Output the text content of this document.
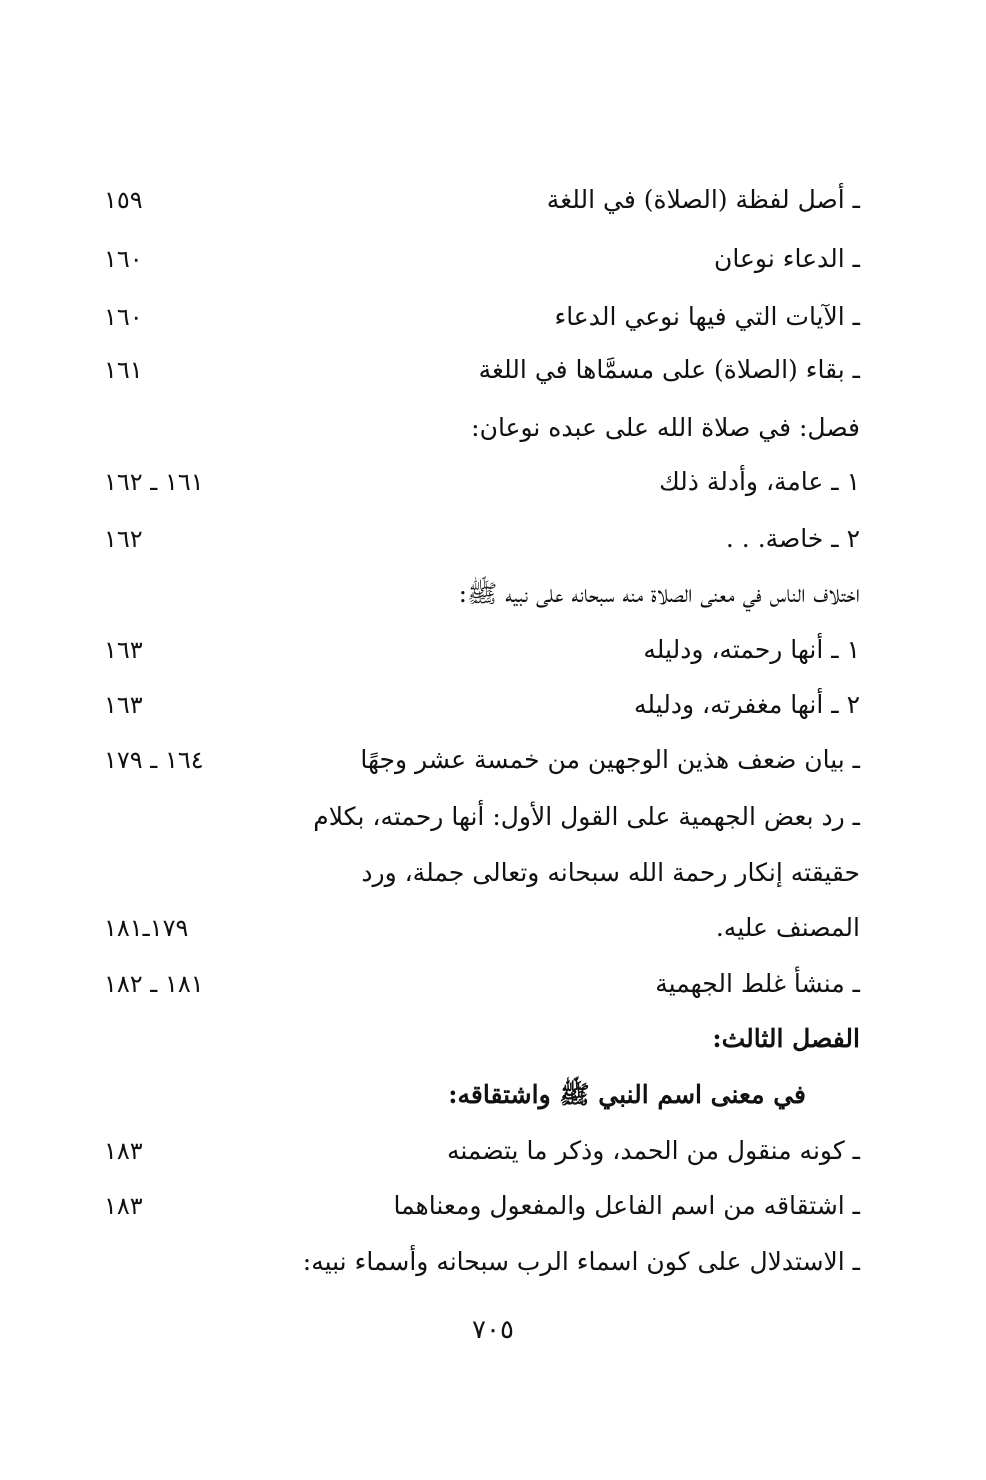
ـ أصل لفظة (الصلاة) في اللغة
١٥٩
ـ الدعاء نوعان
١٦٠
ـ الآيات التي فيها نوعي الدعاء
١٦٠
ـ بقاء (الصلاة) على مسمَّاها في اللغة
١٦١
فصل: في صلاة الله على عبده نوعان:
١ ـ عامة، وأدلة ذلك
١٦١ ـ ١٦٢
٢ ـ خاصة. . .
١٦٢
اختلاف الناس في معنى الصلاة منه سبحانه على نبيه ﷺ:
١ ـ أنها رحمته، ودليله
١٦٣
٢ ـ أنها مغفرته، ودليله
١٦٣
ـ بيان ضعف هذين الوجهين من خمسة عشر وجهًا
١٦٤ ـ ١٧٩
ـ رد بعض الجهمية على القول الأول: أنها رحمته، بكلام
حقيقته إنكار رحمة الله سبحانه وتعالى جملة، ورد
المصنف عليه.
١٧٩ـ١٨١
ـ منشأ غلط الجهمية
١٨١ ـ ١٨٢
الفصل الثالث:
في معنى اسم النبي ﷺ واشتقاقه:
ـ كونه منقول من الحمد، وذكر ما يتضمنه
١٨٣
ـ اشتقاقه من اسم الفاعل والمفعول ومعناهما
١٨٣
ـ الاستدلال على كون اسماء الرب سبحانه وأسماء نبيه:
٧٠٥
